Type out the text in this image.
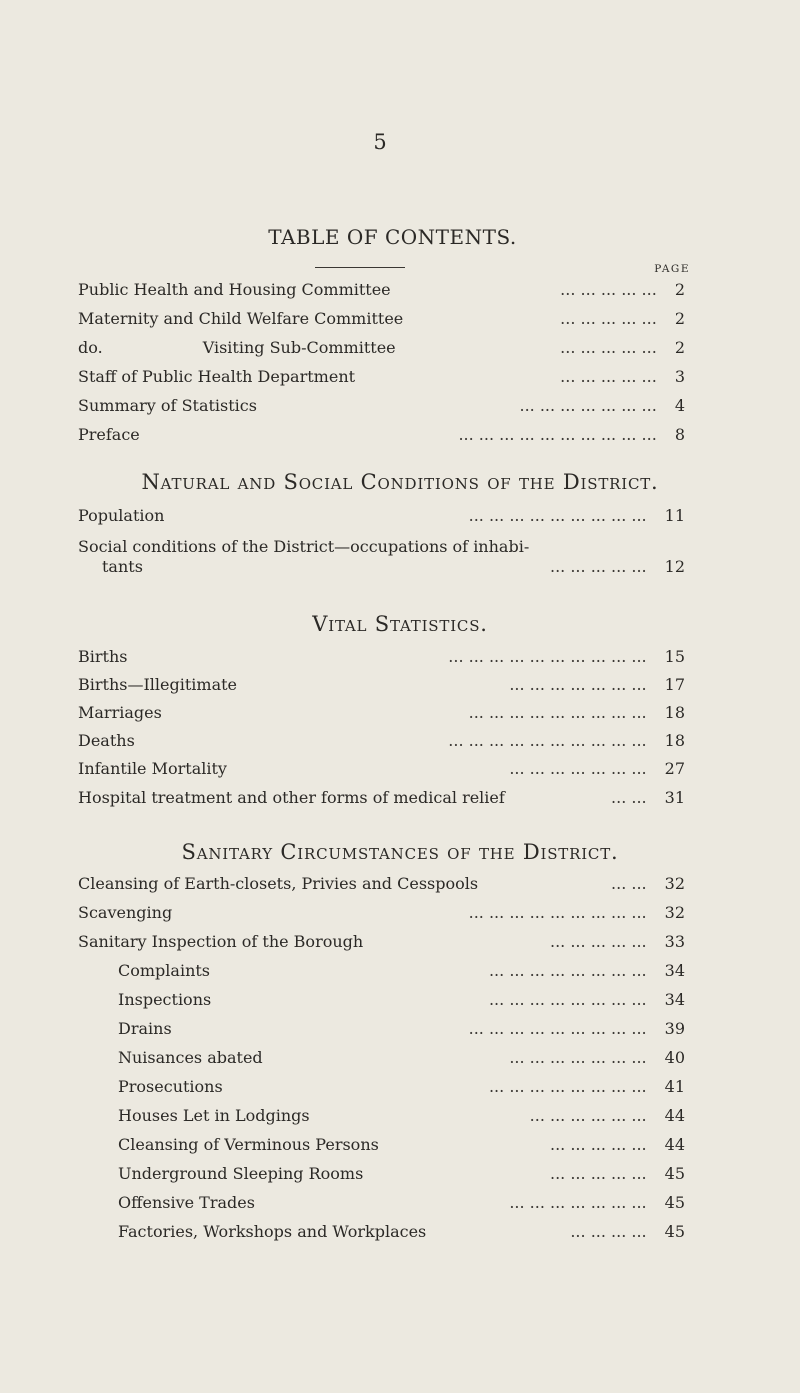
5
TABLE OF CONTENTS.
PAGE
Public Health and Housing Committee	... ... ... ... ...	2
Maternity and Child Welfare Committee	... ... ... ... ...	2
do.	Visiting Sub-Committee	... ... ... ... ...	2
Staff of Public Health Department	... ... ... ... ...	3
Summary of Statistics	... ... ... ... ... ... ...	4
Preface	... ... ... ... ... ... ... ... ... ...	8
Natural and Social Conditions of the District.
Population	... ... ... ... ... ... ... ... ...	11
Social conditions of the District—occupations of inhabi-
tants	... ... ... ... ...	12
Vital Statistics.
Births	... ... ... ... ... ... ... ... ... ...	15
Births—Illegitimate	... ... ... ... ... ... ...	17
Marriages	... ... ... ... ... ... ... ... ...	18
Deaths	... ... ... ... ... ... ... ... ... ...	18
Infantile Mortality	... ... ... ... ... ... ...	27
Hospital treatment and other forms of medical relief	... ...	31
Sanitary Circumstances of the District.
Cleansing of Earth-closets, Privies and Cesspools	... ...	32
Scavenging	... ... ... ... ... ... ... ... ...	32
Sanitary Inspection of the Borough	... ... ... ... ...	33
Complaints	... ... ... ... ... ... ... ...	34
Inspections	... ... ... ... ... ... ... ...	34
Drains	... ... ... ... ... ... ... ... ...	39
Nuisances abated	... ... ... ... ... ... ...	40
Prosecutions	... ... ... ... ... ... ... ...	41
Houses Let in Lodgings	... ... ... ... ... ...	44
Cleansing of Verminous Persons	... ... ... ... ...	44
Underground Sleeping Rooms	... ... ... ... ...	45
Offensive Trades	... ... ... ... ... ... ...	45
Factories, Workshops and Workplaces	... ... ... ...	45
